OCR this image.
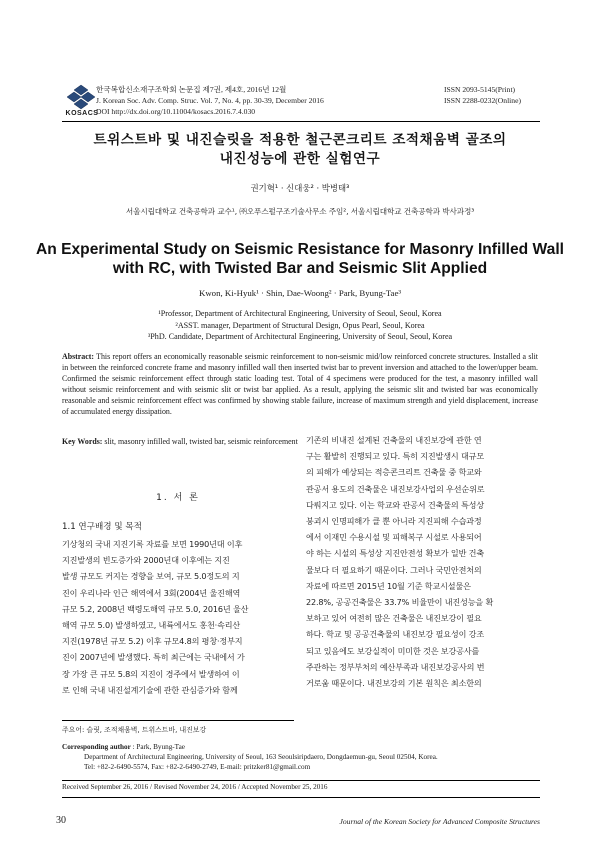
KOSACS
한국복합신소재구조학회 논문집 제7권, 제4호, 2016년 12월
J. Korean Soc. Adv. Comp. Struc. Vol. 7, No. 4, pp. 30-39, December 2016
DOI http://dx.doi.org/10.11004/kosacs.2016.7.4.030
ISSN 2093-5145(Print)
ISSN 2288-0232(Online)
트위스트바 및 내진슬릿을 적용한 철근콘크리트 조적채움벽 골조의
내진성능에 관한 실험연구
권기혁¹ · 신대웅² · 박병태³
서울시립대학교 건축공학과 교수¹, ㈜오푸스펄구조기술사무소 주임², 서울시립대학교 건축공학과 박사과정³
An Experimental Study on Seismic Resistance for Masonry Infilled Wall
with RC, with Twisted Bar and Seismic Slit Applied
Kwon, Ki-Hyuk¹ · Shin, Dae-Woong² · Park, Byung-Tae³
¹Professor, Department of Architectural Engineering, University of Seoul, Seoul, Korea
²ASST. manager, Department of Structural Design, Opus Pearl, Seoul, Korea
³PhD. Candidate, Department of Architectural Engineering, University of Seoul, Seoul, Korea
Abstract: This report offers an economically reasonable seismic reinforcement to non-seismic mid/low reinforced concrete structures. Installed a slit in between the reinforced concrete frame and masonry infilled wall then inserted twist bar to prevent inversion and attached to the lower/upper beam. Confirmed the seismic reinforcement effect through static loading test. Total of 4 specimens were produced for the test, a masonry infilled wall without seismic reinforcement and with seismic slit or twist bar applied. As a result, applying the seismic slit and twisted bar was economically reasonable and seismic reinforcement effect was confirmed by showing stable failure, increase of maximum strength and yield displacement, increase of accumulated energy dissipation.
Key Words: slit, masonry infilled wall, twisted bar, seismic reinforcement
1. 서 론
1.1 연구배경 및 목적
기상청의 국내 지진기록 자료를 보면 1990년대 이후
지진발생의 빈도증가와 2000년대 이후에는 지진
발생 규모도 커지는 경향을 보여, 규모 5.0정도의 지
진이 우리나라 인근 해역에서 3회(2004년 울진해역
규모 5.2, 2008년 백령도해역 규모 5.0, 2016년 울산
해역 규모 5.0) 발생하였고, 내륙에서도 홍천·속리산
지진(1978년 규모 5.2) 이후 규모4.8의 평창·정부지
진이 2007년에 발생했다. 특히 최근에는 국내에서 가
장 가장 큰 규모 5.8의 지진이 경주에서 발생하여 이
로 인해 국내 내진설계기술에 관한 관심증가와 함께
기존의 비내진 설계된 건축물의 내진보강에 관한 연
구는 활발히 진행되고 있다. 특히 지진발생시 대규모
의 피해가 예상되는 적층콘크리트 건축물 중 학교와
관공서 용도의 건축물은 내진보강사업의 우선순위로
다뤄지고 있다. 이는 학교와 관공서 건축물의 특성상
붕괴시 인명피해가 클 뿐 아니라 지진피해 수습과정
에서 이재민 수용시설 및 피해복구 시설로 사용되어
야 하는 시설의 특성상 지진안전성 확보가 일반 건축
물보다 더 필요하기 때문이다. 그러나 국민안전처의
자료에 따르면 2015년 10월 기준 학교시설물은
22.8%, 공공건축물은 33.7% 비율만이 내진성능을 확
보하고 있어 여전히 많은 건축물은 내진보강이 필요
하다. 학교 및 공공건축물의 내진보강 필요성이 강조
되고 있음에도 보강실적이 미미한 것은 보강공사를
주관하는 정부부처의 예산부족과 내진보강공사의 번
거로움 때문이다. 내진보강의 기본 원칙은 최소한의
주요어: 슬릿, 조적채움벽, 트위스트바, 내진보강
Corresponding author : Park, Byung-Tae
Department of Architectural Engineering, University of Seoul, 163 Seoulsiripdaero, Dongdaemun-gu, Seoul 02504, Korea.
Tel: +82-2-6490-5574, Fax: +82-2-6490-2749, E-mail: pritzker81@gmail.com
Received September 26, 2016 / Revised November 24, 2016 / Accepted November 25, 2016
30	Journal of the Korean Society for Advanced Composite Structures
